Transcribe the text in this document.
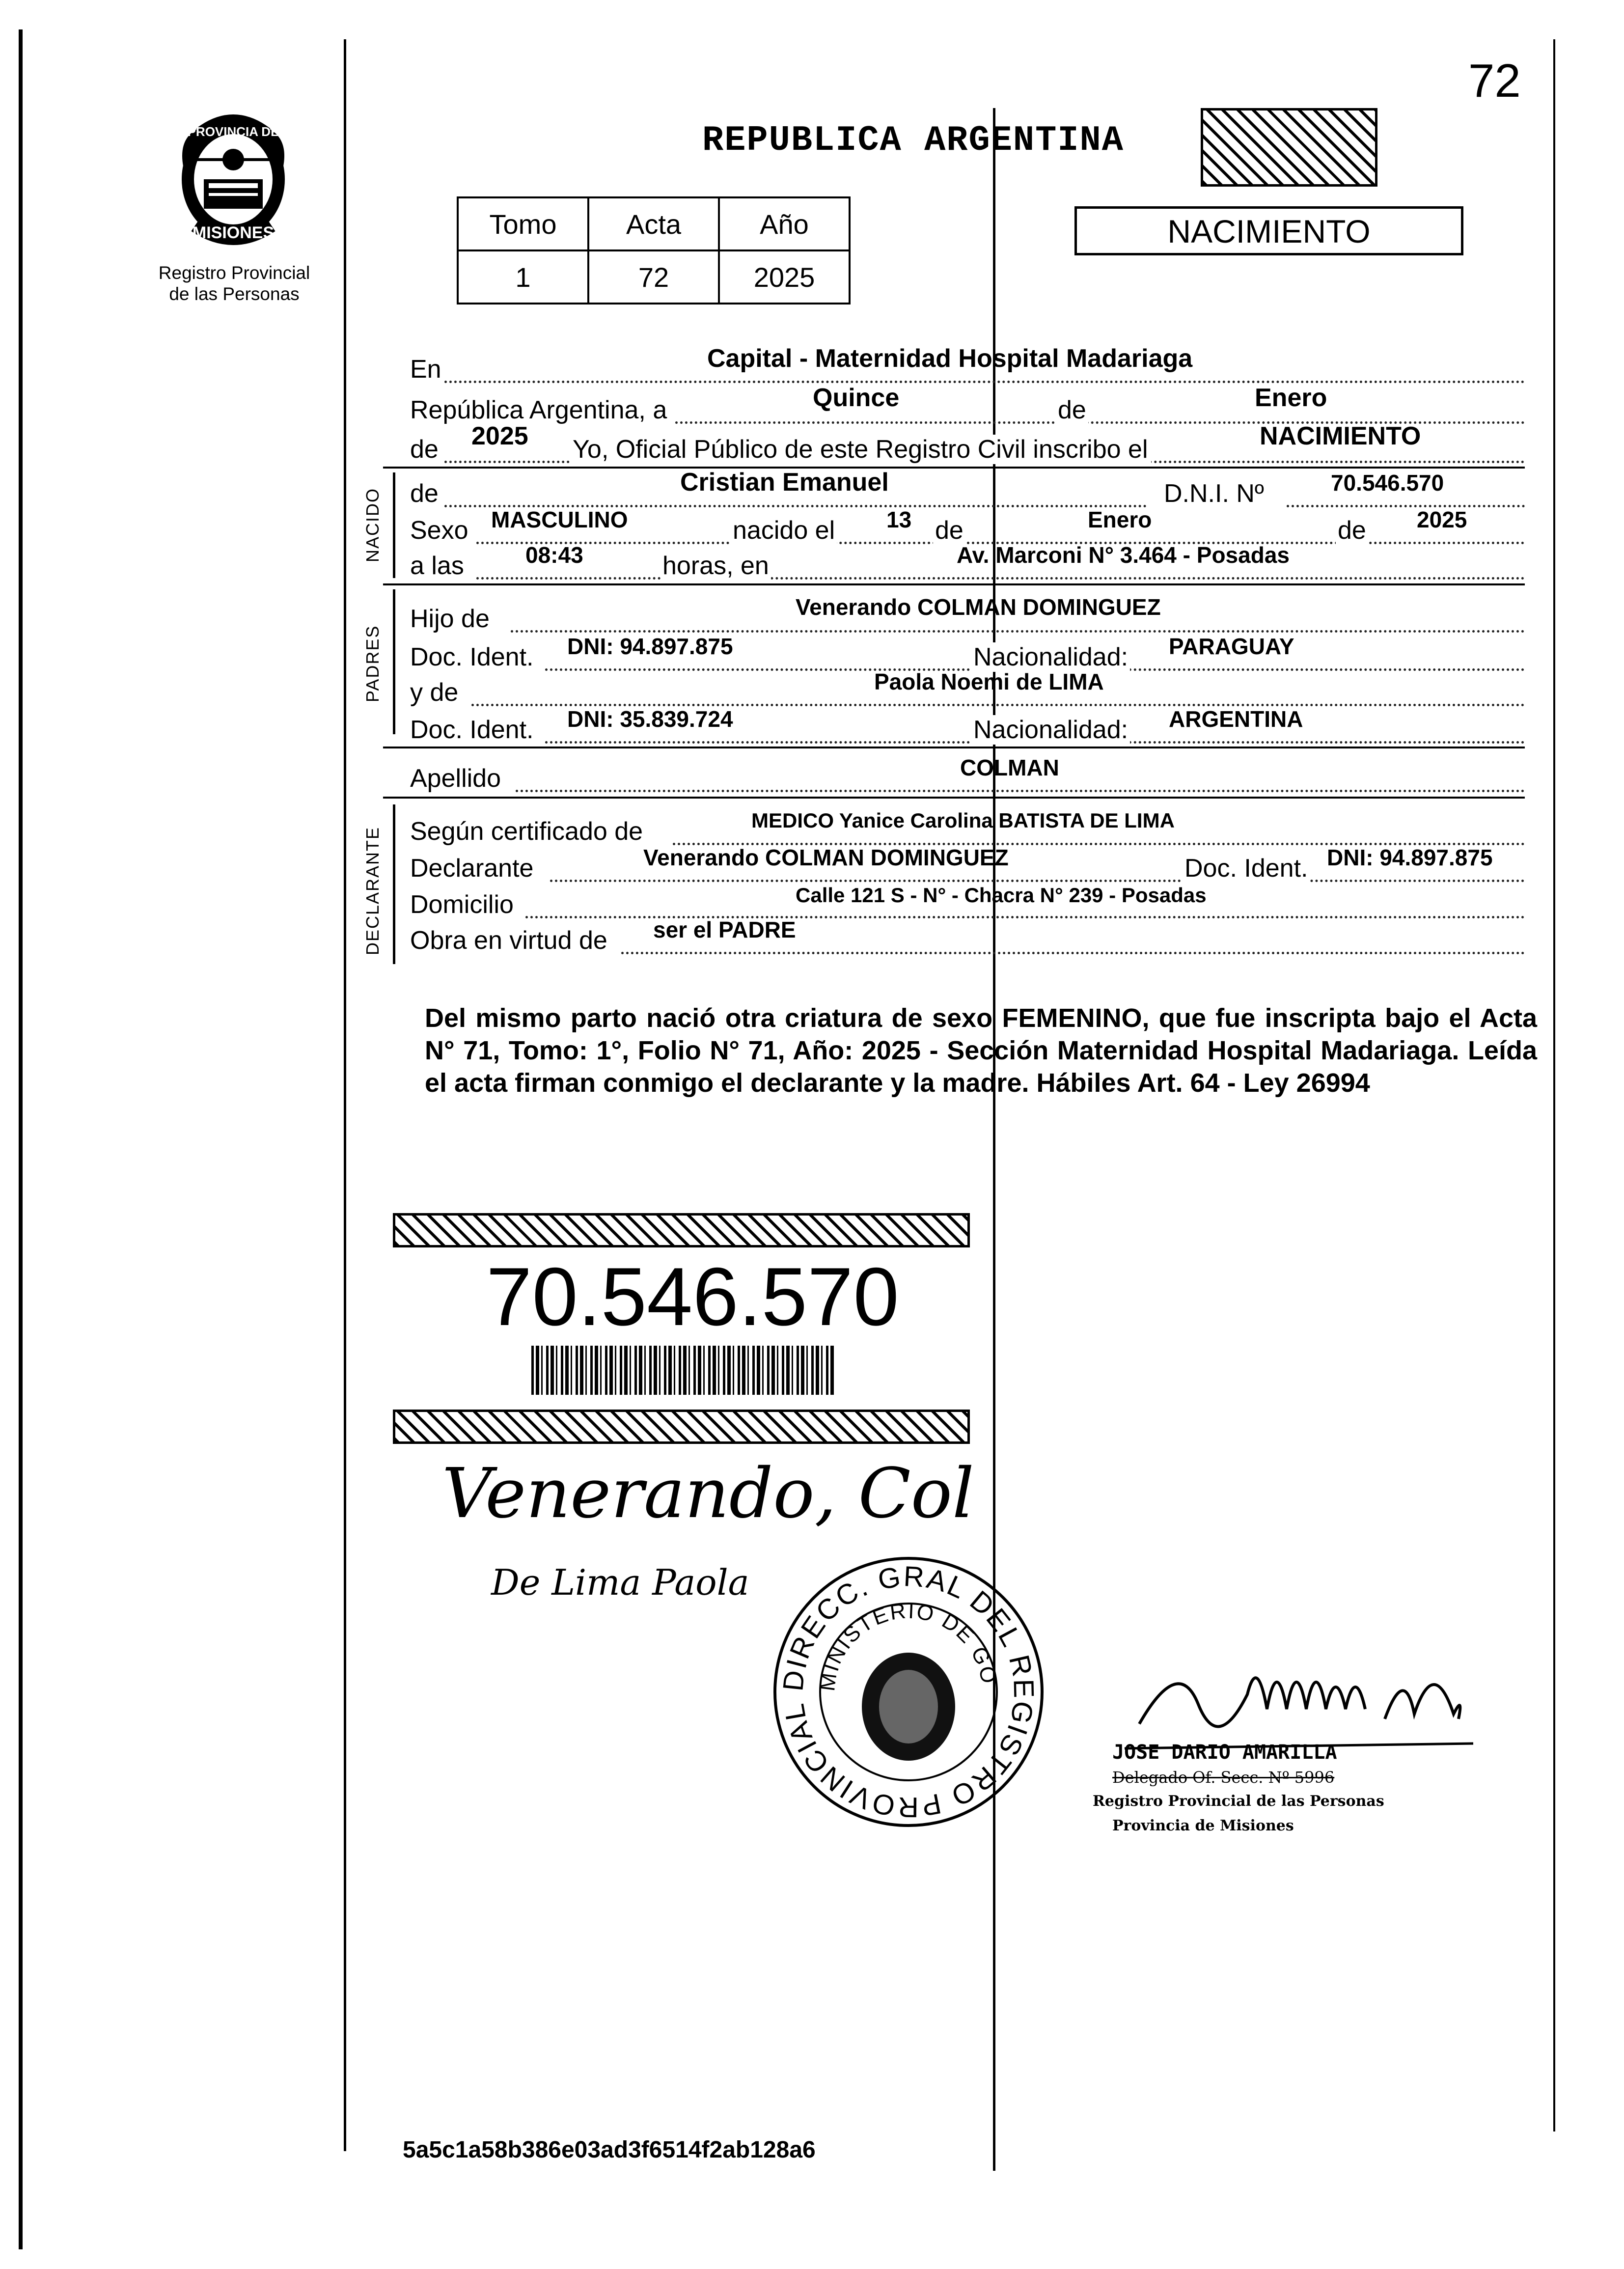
72
PROVINCIA DE
MISIONES
Registro Provincial
de las Personas
REPUBLICA ARGENTINA
Tomo	Acta	Año
1	72	2025
NACIMIENTO
En	Capital - Maternidad Hospital Madariaga
República Argentina, a	Quince	de	Enero
de 2025 Yo, Oficial Público de este Registro Civil inscribo el	NACIMIENTO
NACIDO de	Cristian Emanuel	D.N.I. Nº	70.546.570
Sexo MASCULINO	nacido el 13 de	Enero	de 2025
a las	08:43	horas, en	Av. Marconi N° 3.464 - Posadas
PADRES
Hijo de	Venerando COLMAN DOMINGUEZ
Doc. Ident. DNI: 94.897.875	Nacionalidad: PARAGUAY
y de	Paola Noemi de LIMA
Doc. Ident. DNI: 35.839.724	Nacionalidad: ARGENTINA
Apellido	COLMAN
DECLARANTE Según certificado de	MEDICO Yanice Carolina BATISTA DE LIMA
Declarante	Venerando COLMAN DOMINGUEZ	Doc. Ident. DNI: 94.897.875
Domicilio	Calle 121 S - N° - Chacra N° 239 - Posadas
Obra en virtud de ser el PADRE
Del mismo parto nació otra criatura de sexo FEMENINO, que fue inscripta bajo el Acta N° 71, Tomo: 1°, Folio N° 71, Año: 2025 - Sección Maternidad Hospital Madariaga. Leída el acta firman conmigo el declarante y la madre. Hábiles Art. 64 - Ley 26994
70.546.570
Venerando, Col
De Lima Paola
DIRECC. GRAL DEL REGISTRO PROVINCIAL
MINISTERIO DE GO
JOSE DARIO AMARILLA
Delegado Of. Secc. Nº 5996
Registro Provincial de las Personas
Provincia de Misiones
5a5c1a58b386e03ad3f6514f2ab128a6
